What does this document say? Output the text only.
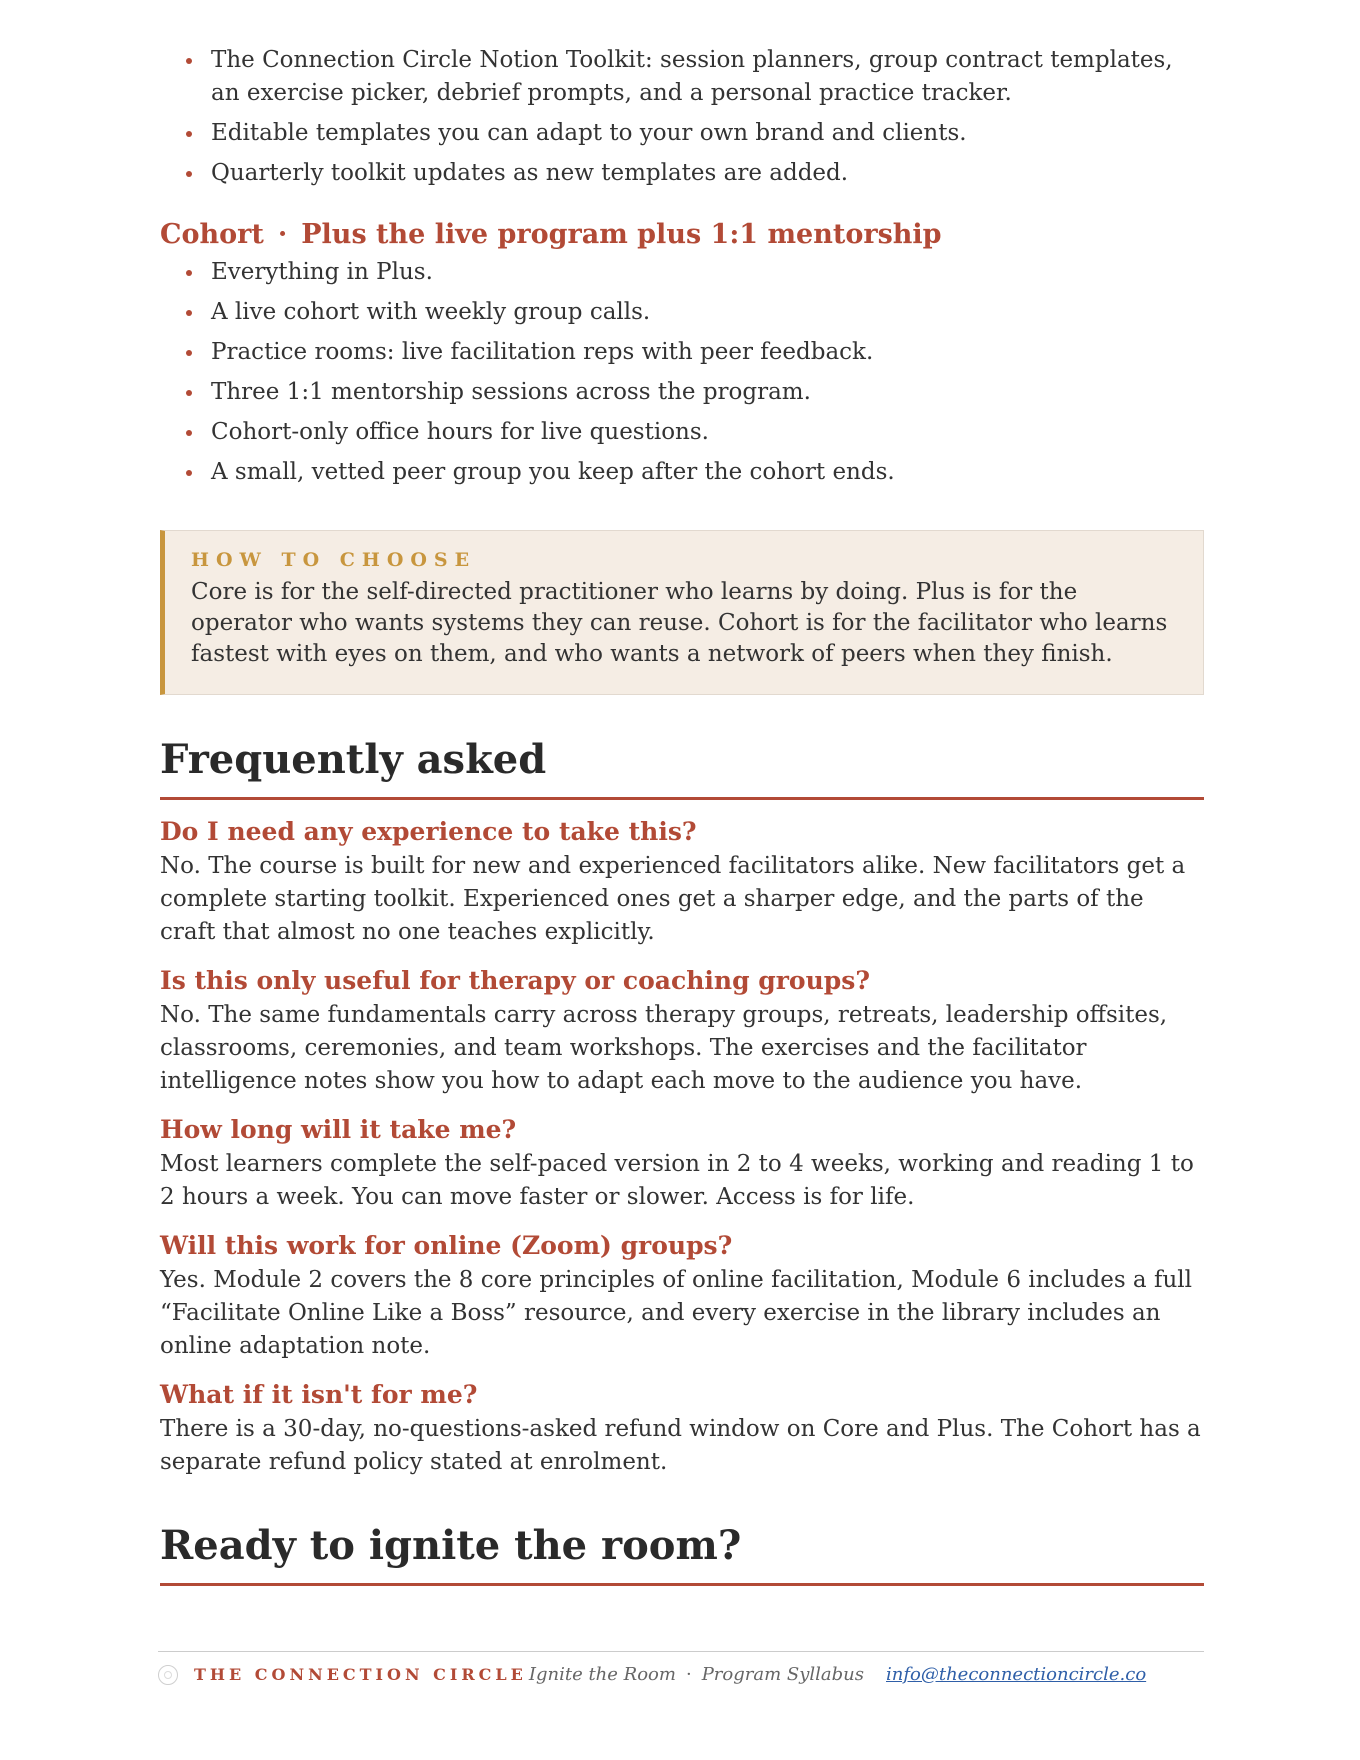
The Connection Circle Notion Toolkit: session planners, group contract templates, an exercise picker, debrief prompts, and a personal practice tracker.
Editable templates you can adapt to your own brand and clients.
Quarterly toolkit updates as new templates are added.
Cohort · Plus the live program plus 1:1 mentorship
Everything in Plus.
A live cohort with weekly group calls.
Practice rooms: live facilitation reps with peer feedback.
Three 1:1 mentorship sessions across the program.
Cohort-only office hours for live questions.
A small, vetted peer group you keep after the cohort ends.
HOW TO CHOOSE
Core is for the self-directed practitioner who learns by doing. Plus is for the operator who wants systems they can reuse. Cohort is for the facilitator who learns fastest with eyes on them, and who wants a network of peers when they finish.
Frequently asked
Do I need any experience to take this?

No. The course is built for new and experienced facilitators alike. New facilitators get a complete starting toolkit. Experienced ones get a sharper edge, and the parts of the craft that almost no one teaches explicitly.

Is this only useful for therapy or coaching groups?

No. The same fundamentals carry across therapy groups, retreats, leadership offsites, classrooms, ceremonies, and team workshops. The exercises and the facilitator intelligence notes show you how to adapt each move to the audience you have.

How long will it take me?

Most learners complete the self-paced version in 2 to 4 weeks, working and reading 1 to 2 hours a week. You can move faster or slower. Access is for life.

Will this work for online (Zoom) groups?

Yes. Module 2 covers the 8 core principles of online facilitation, Module 6 includes a full “Facilitate Online Like a Boss” resource, and every exercise in the library includes an online adaptation note.

What if it isn't for me?

There is a 30-day, no-questions-asked refund window on Core and Plus. The Cohort has a separate refund policy stated at enrolment.

Ready to ignite the room?
THE CONNECTION CIRCLE Ignite the Room · Program Syllabus info@theconnectioncircle.co
